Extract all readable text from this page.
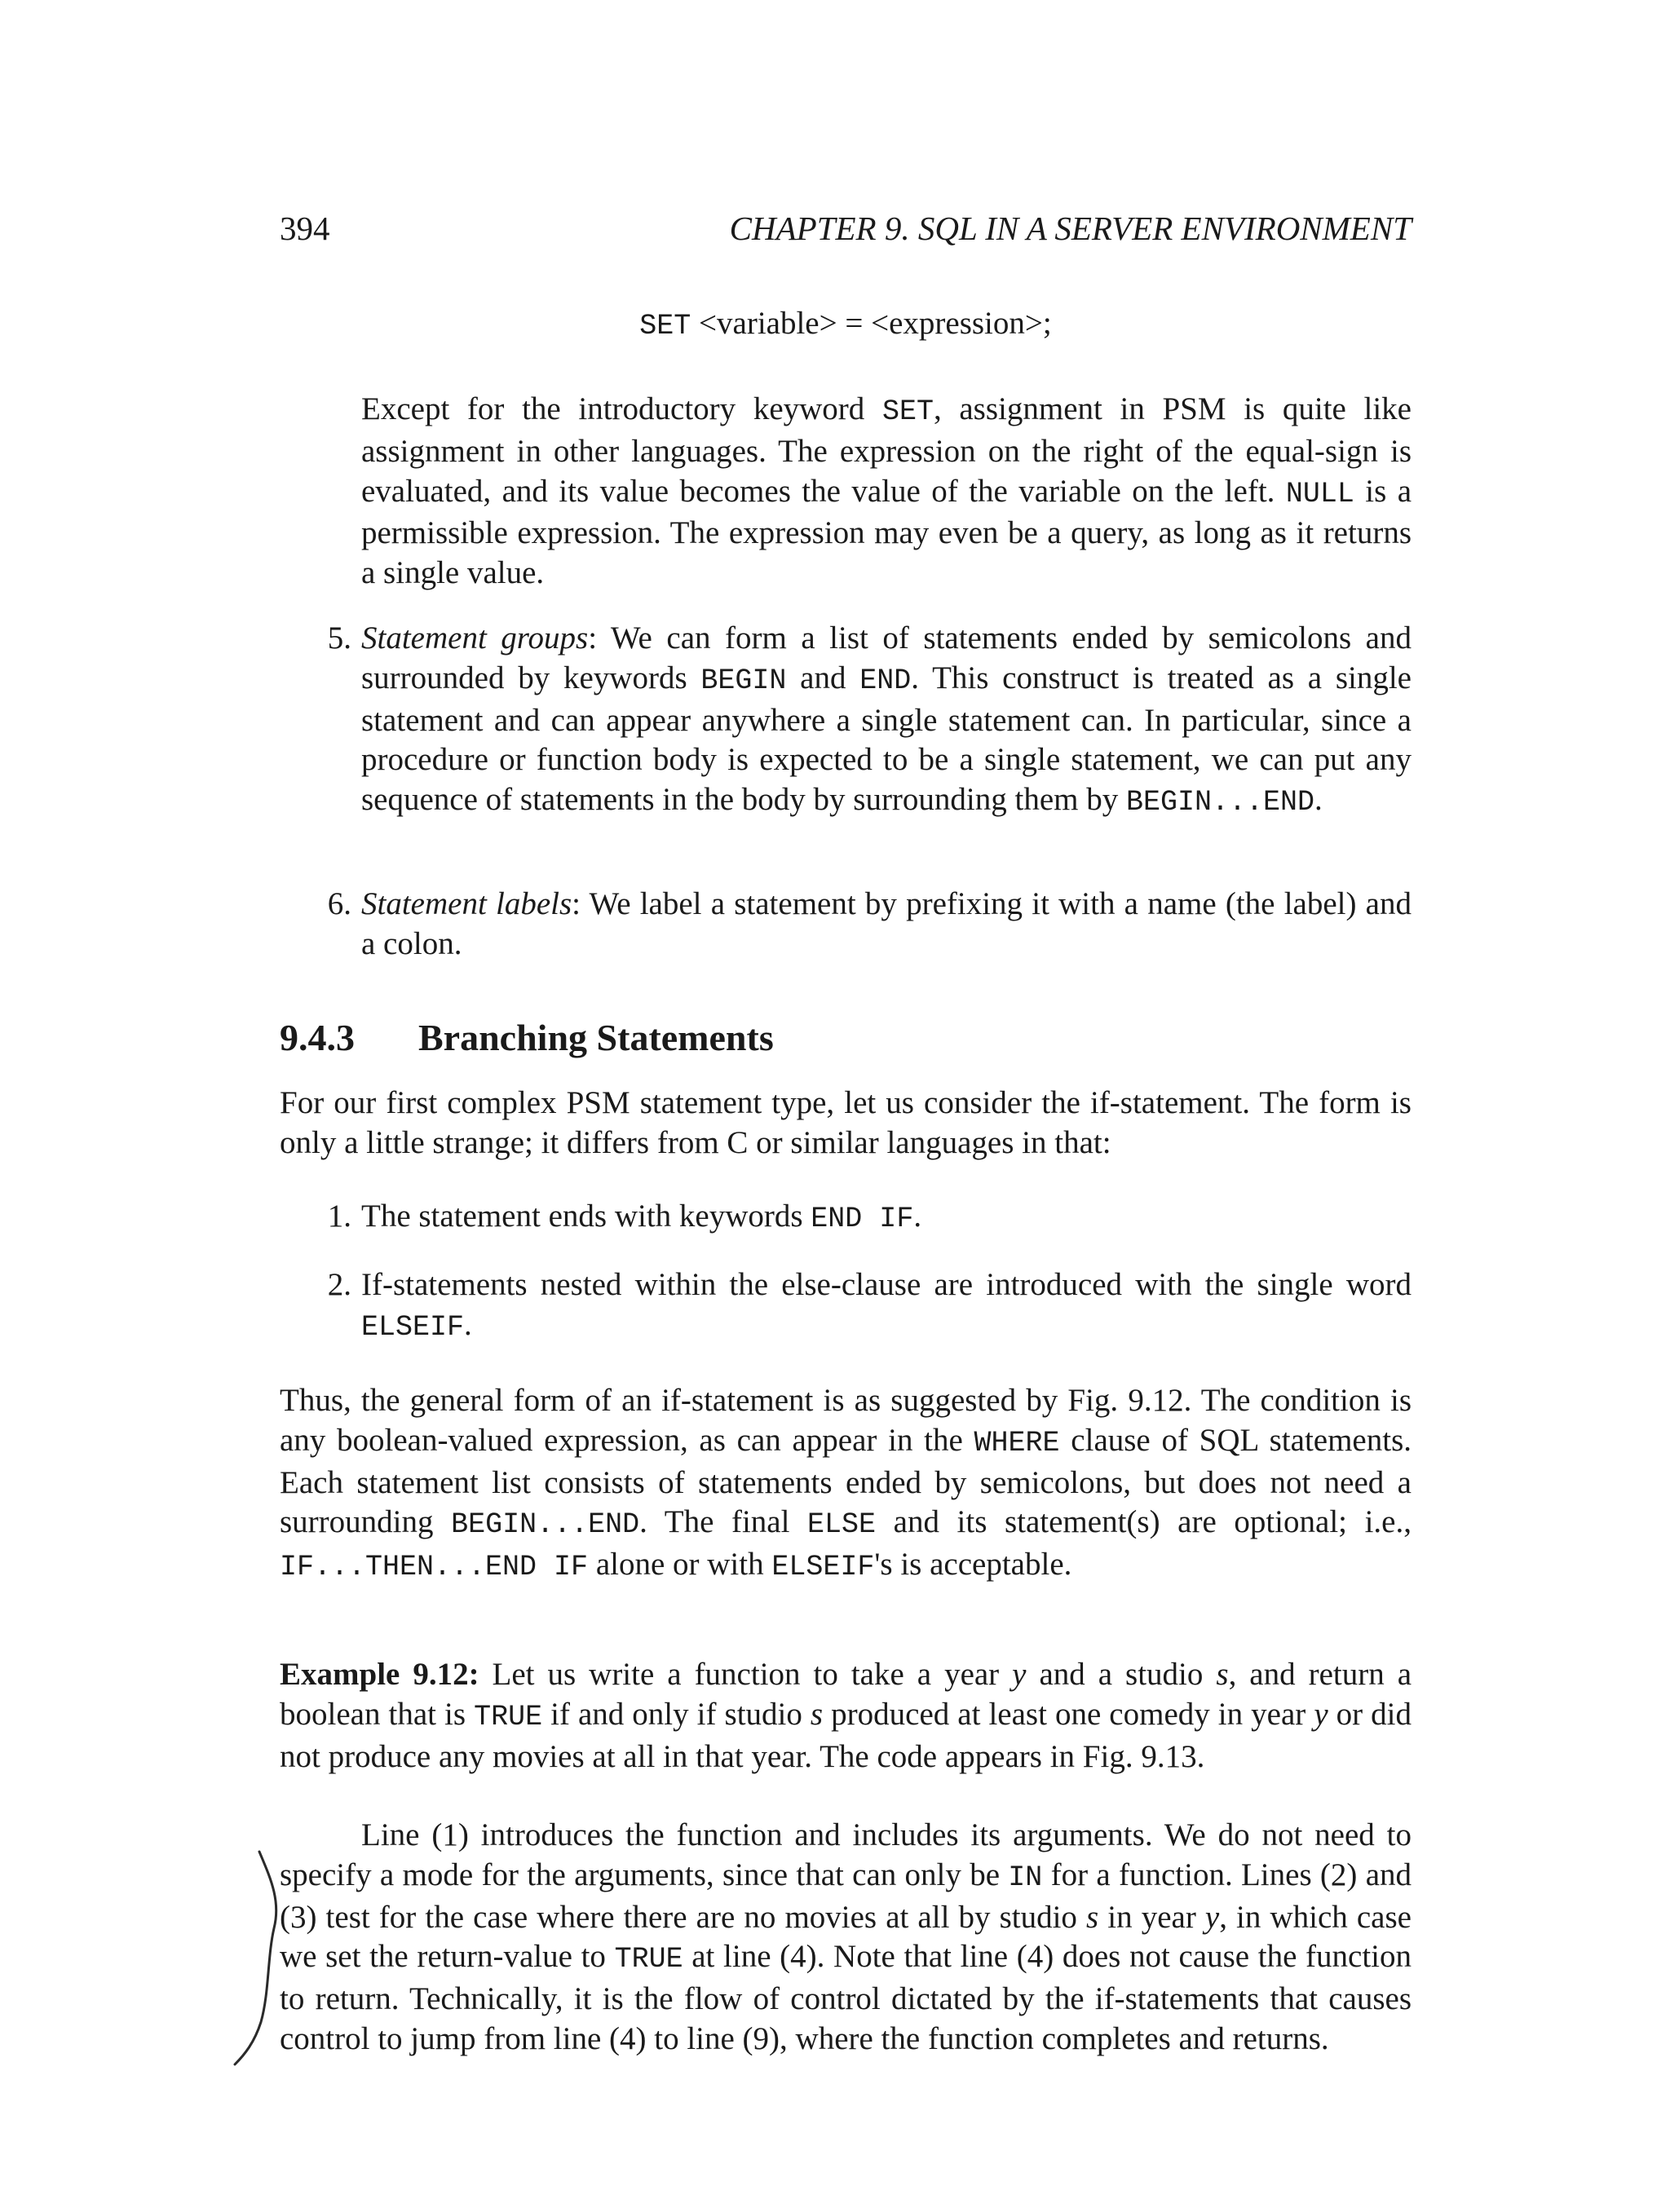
394	CHAPTER 9. SQL IN A SERVER ENVIRONMENT
SET <variable> = <expression>;
Except for the introductory keyword SET, assignment in PSM is quite like assignment in other languages. The expression on the right of the equal-sign is evaluated, and its value becomes the value of the variable on the left. NULL is a permissible expression. The expression may even be a query, as long as it returns a single value.
5. Statement groups: We can form a list of statements ended by semicolons and surrounded by keywords BEGIN and END. This construct is treated as a single statement and can appear anywhere a single statement can. In particular, since a procedure or function body is expected to be a single statement, we can put any sequence of statements in the body by surrounding them by BEGIN...END.
6. Statement labels: We label a statement by prefixing it with a name (the label) and a colon.
9.4.3 Branching Statements
For our first complex PSM statement type, let us consider the if-statement. The form is only a little strange; it differs from C or similar languages in that:
1. The statement ends with keywords END IF.
2. If-statements nested within the else-clause are introduced with the single word ELSEIF.
Thus, the general form of an if-statement is as suggested by Fig. 9.12. The condition is any boolean-valued expression, as can appear in the WHERE clause of SQL statements. Each statement list consists of statements ended by semicolons, but does not need a surrounding BEGIN...END. The final ELSE and its statement(s) are optional; i.e., IF...THEN...END IF alone or with ELSEIF's is acceptable.
Example 9.12: Let us write a function to take a year y and a studio s, and return a boolean that is TRUE if and only if studio s produced at least one comedy in year y or did not produce any movies at all in that year. The code appears in Fig. 9.13.
Line (1) introduces the function and includes its arguments. We do not need to specify a mode for the arguments, since that can only be IN for a function. Lines (2) and (3) test for the case where there are no movies at all by studio s in year y, in which case we set the return-value to TRUE at line (4). Note that line (4) does not cause the function to return. Technically, it is the flow of control dictated by the if-statements that causes control to jump from line (4) to line (9), where the function completes and returns.
